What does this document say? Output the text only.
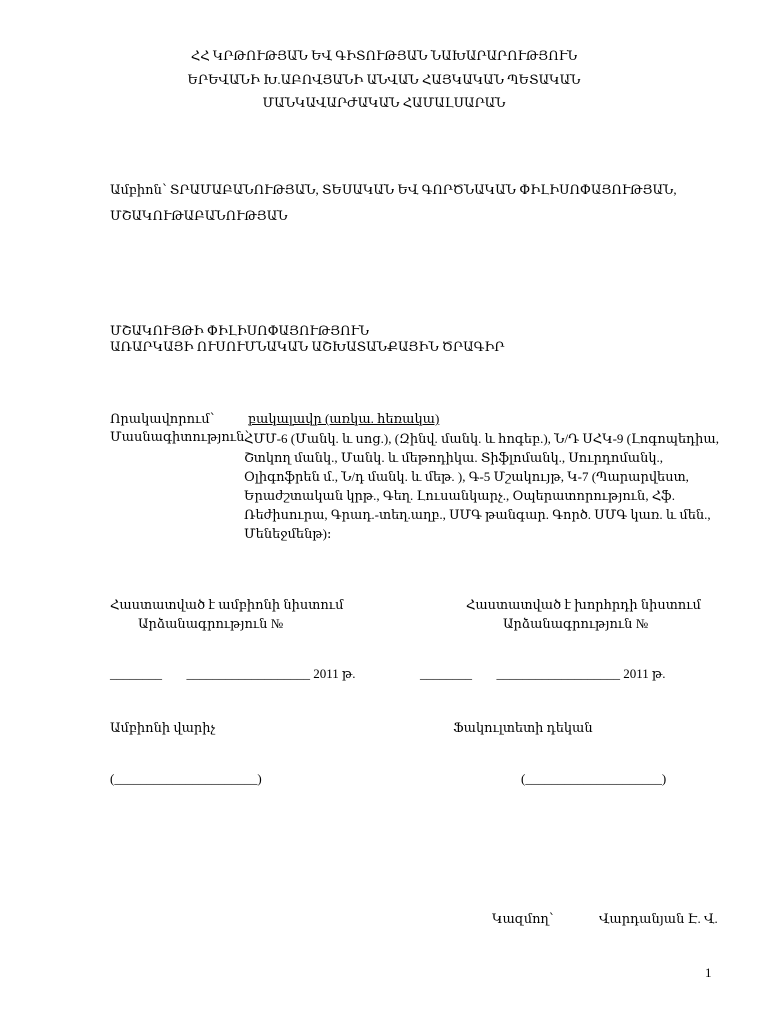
ՀՀ ԿՐԹՈՒԹՅԱՆ ԵՎ ԳԻՏՈՒԹՅԱՆ ՆԱԽԱՐԱՐՈՒԹՅՈՒՆ
ԵՐԵՎԱՆԻ Խ.ԱԲՈՎՅԱՆԻ ԱՆՎԱՆ ՀԱՅԿԱԿԱՆ ՊԵՏԱԿԱՆ
ՄԱՆԿԱՎԱՐԺԱԿԱՆ ՀԱՄԱԼՍԱՐԱՆ
Ամբիոն՝ ՏՐԱՄԱԲԱՆՈՒԹՅԱՆ, ՏԵՍԱԿԱՆ ԵՎ ԳՈՐԾՆԱԿԱՆ ՓԻԼԻՍՈՓԱՅՈՒԹՅԱՆ,
ՄՇԱԿՈՒԹԱԲԱՆՈՒԹՅԱՆ
ՄՇԱԿՈՒՅԹԻ ՓԻԼԻՍՈՓԱՅՈՒԹՅՈՒՆ
ԱՌԱՐԿԱՅԻ ՈՒՍՈՒՄՆԱԿԱՆ ԱՇԽԱՏԱՆՔԱՅԻՆ ԾՐԱԳԻՐ
Որակավորում՝	բակալավր (առկա. հեռակա)
Մասնագիտություն՝
ՀՄՄ-6 (Մանկ. և սոց.), (Զինվ. մանկ. և հոգեբ.), Ն/Դ ՍՀԿ-9 (Լոգոպեդիա,
Շտկող մանկ., Մանկ. և մեթոդիկա. Տիֆլոմանկ., Սուրդոմանկ.,
Օլիգոֆրեն մ., Ն/դ մանկ. և մեթ. ), Գ-5 Մշակույթ, Կ-7 (Պարարվեստ,
Երաժշտական կրթ., Գեղ. Լուսանկարչ., Օպերատորություն, Հֆ.
Ռեժիսուրա, Գրադ.-տեղ.աղբ., ՍՄԳ թանգար. Գործ. ՍՄԳ կառ. և մեն.,
Մենեջմենթ)։
Հաստատված է ամբիոնի նիստում	Հաստատված է խորհրդի նիստում
Արձանագրություն №	Արձանագրություն №
________ ___________________ 2011 թ.	________ ___________________ 2011 թ.
Ամբիոնի վարիչ	Ֆակուլտետի դեկան
(______________________)	(_____________________)
Կազմող՝	Վարդանյան Է. Վ.
1
